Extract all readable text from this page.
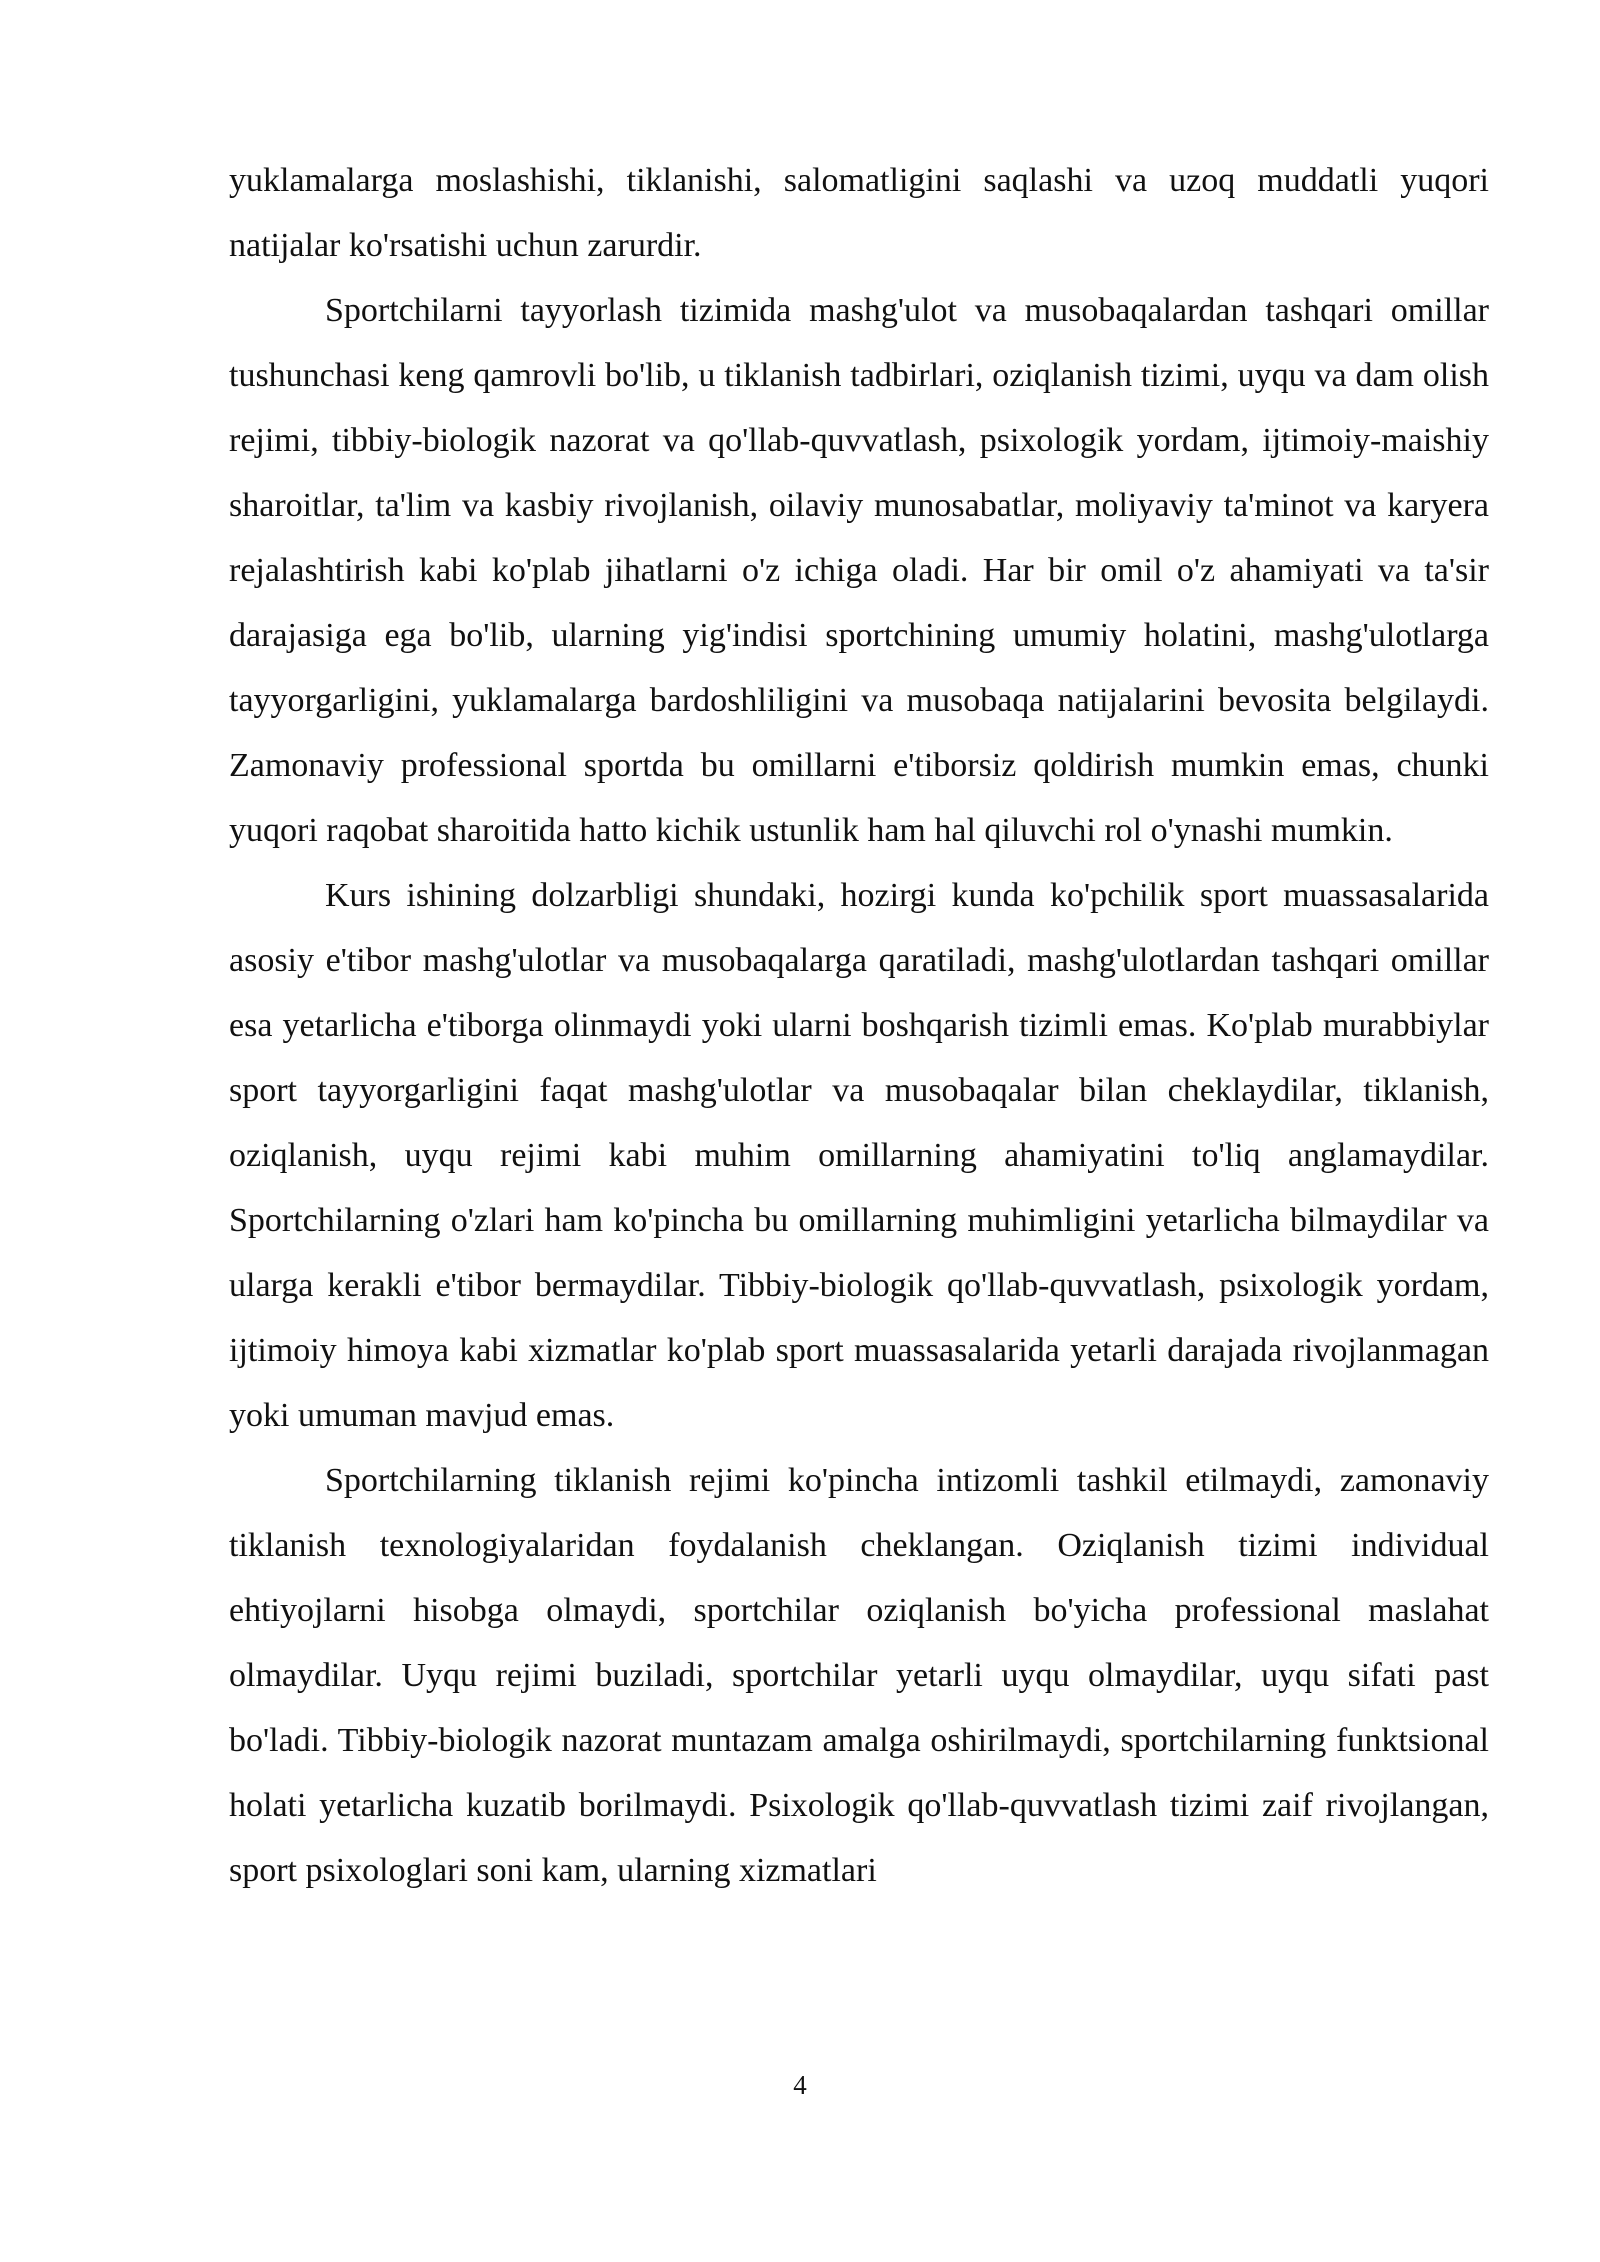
yuklamalarga moslashishi, tiklanishi, salomatligini saqlashi va uzoq muddatli yuqori natijalar ko'rsatishi uchun zarurdir.

Sportchilarni tayyorlash tizimida mashg'ulot va musobaqalardan tashqari omillar tushunchasi keng qamrovli bo'lib, u tiklanish tadbirlari, oziqlanish tizimi, uyqu va dam olish rejimi, tibbiy-biologik nazorat va qo'llab-quvvatlash, psixologik yordam, ijtimoiy-maishiy sharoitlar, ta'lim va kasbiy rivojlanish, oilaviy munosabatlar, moliyaviy ta'minot va karyera rejalashtirish kabi ko'plab jihatlarni o'z ichiga oladi. Har bir omil o'z ahamiyati va ta'sir darajasiga ega bo'lib, ularning yig'indisi sportchining umumiy holatini, mashg'ulotlarga tayyorgarligini, yuklamalarga bardoshliligini va musobaqa natijalarini bevosita belgilaydi. Zamonaviy professional sportda bu omillarni e'tiborsiz qoldirish mumkin emas, chunki yuqori raqobat sharoitida hatto kichik ustunlik ham hal qiluvchi rol o'ynashi mumkin.

Kurs ishining dolzarbligi shundaki, hozirgi kunda ko'pchilik sport muassasalarida asosiy e'tibor mashg'ulotlar va musobaqalarga qaratiladi, mashg'ulotlardan tashqari omillar esa yetarlicha e'tiborga olinmaydi yoki ularni boshqarish tizimli emas. Ko'plab murabbiylar sport tayyorgarligini faqat mashg'ulotlar va musobaqalar bilan cheklaydilar, tiklanish, oziqlanish, uyqu rejimi kabi muhim omillarning ahamiyatini to'liq anglamaydilar. Sportchilarning o'zlari ham ko'pincha bu omillarning muhimligini yetarlicha bilmaydilar va ularga kerakli e'tibor bermaydilar. Tibbiy-biologik qo'llab-quvvatlash, psixologik yordam, ijtimoiy himoya kabi xizmatlar ko'plab sport muassasalarida yetarli darajada rivojlanmagan yoki umuman mavjud emas.

Sportchilarning tiklanish rejimi ko'pincha intizomli tashkil etilmaydi, zamonaviy tiklanish texnologiyalaridan foydalanish cheklangan. Oziqlanish tizimi individual ehtiyojlarni hisobga olmaydi, sportchilar oziqlanish bo'yicha professional maslahat olmaydilar. Uyqu rejimi buziladi, sportchilar yetarli uyqu olmaydilar, uyqu sifati past bo'ladi. Tibbiy-biologik nazorat muntazam amalga oshirilmaydi, sportchilarning funktsional holati yetarlicha kuzatib borilmaydi. Psixologik qo'llab-quvvatlash tizimi zaif rivojlangan, sport psixologlari soni kam, ularning xizmatlari

4
